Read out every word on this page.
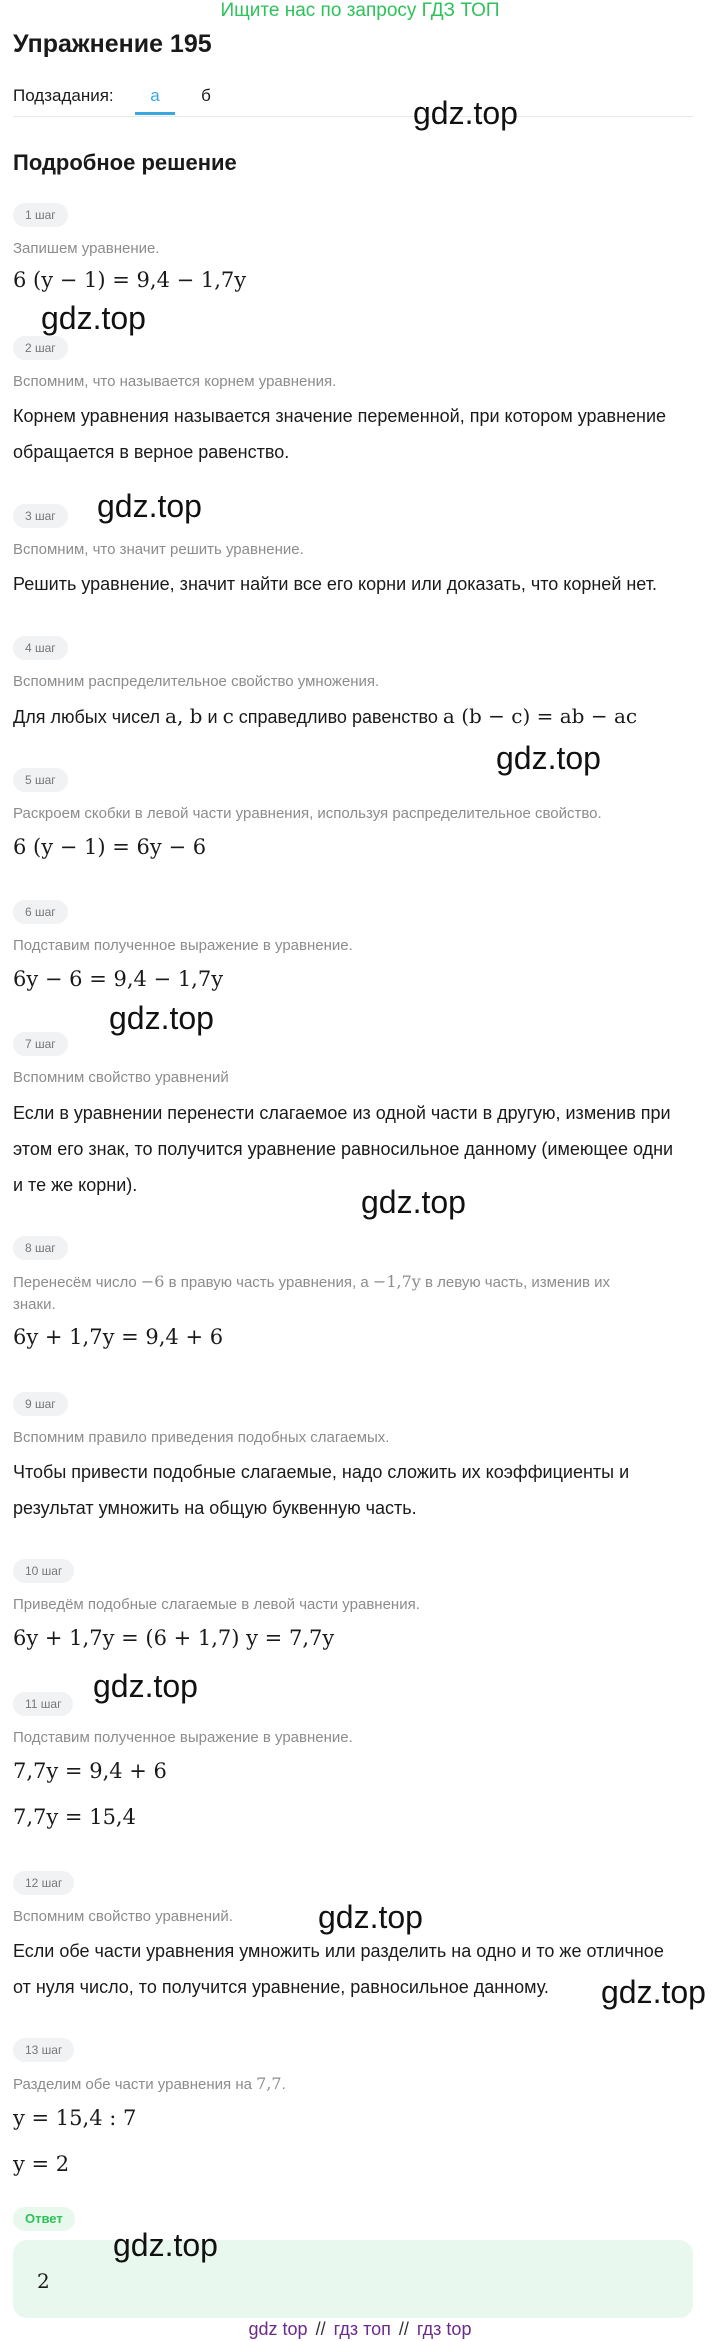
Ищите нас по запросу ГДЗ ТОП
Упражнение 195
Подзадания:	а	б
Подробное решение
1 шаг
Запишем уравнение.
6 (y − 1) = 9,4 − 1,7y
2 шаг
Вспомним, что называется корнем уравнения.
Корнем уравнения называется значение переменной, при котором уравнение
обращается в верное равенство.
3 шаг
Вспомним, что значит решить уравнение.
Решить уравнение, значит найти все его корни или доказать, что корней нет.
4 шаг
Вспомним распределительное свойство умножения.
Для любых чисел a, b и c справедливо равенство a (b − c) = ab − ac
5 шаг
Раскроем скобки в левой части уравнения, используя распределительное свойство.
6 (y − 1) = 6y − 6
6 шаг
Подставим полученное выражение в уравнение.
6y − 6 = 9,4 − 1,7y
7 шаг
Вспомним свойство уравнений
Если в уравнении перенести слагаемое из одной части в другую, изменив при
этом его знак, то получится уравнение равносильное данному (имеющее одни
и те же корни).
8 шаг
Перенесём число −6 в правую часть уравнения, а −1,7y в левую часть, изменив их
знаки.
6y + 1,7y = 9,4 + 6
9 шаг
Вспомним правило приведения подобных слагаемых.
Чтобы привести подобные слагаемые, надо сложить их коэффициенты и
результат умножить на общую буквенную часть.
10 шаг
Приведём подобные слагаемые в левой части уравнения.
6y + 1,7y = (6 + 1,7) y = 7,7y
11 шаг
Подставим полученное выражение в уравнение.
7,7y = 9,4 + 6
7,7y = 15,4
12 шаг
Вспомним свойство уравнений.
Если обе части уравнения умножить или разделить на одно и то же отличное
от нуля число, то получится уравнение, равносильное данному.
13 шаг
Разделим обе части уравнения на 7,7.
y = 15,4 : 7
y = 2
Ответ
2
gdz.top
gdz.top
gdz.top
gdz.top
gdz.top
gdz.top
gdz.top
gdz.top
gdz.top
gdz.top
gdz top // гдз топ // гдз top
